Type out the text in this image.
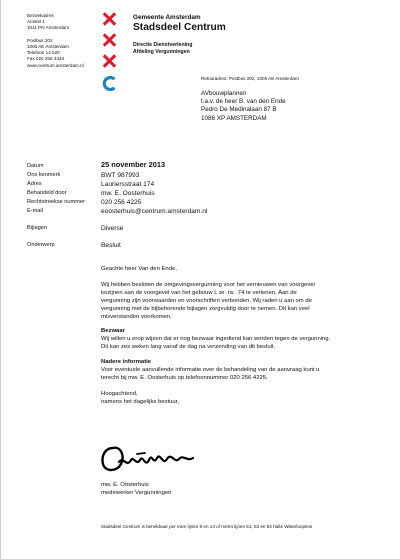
Bezoekadres
Amstel 1
1011 PN Amsterdam
Postbus 202
1000 AE Amsterdam
Telefoon 14 020
Fax 020 256 4433
www.centrum.amsterdam.nl
Gemeente Amsterdam
Stadsdeel Centrum
Directie Dienstverlening
Afdeling Vergunningen
Retouradres: Postbus 202, 1000 AE Amsterdam
AVbouwplannen
t.a.v. de heer B. van den Ende
Pedro De Medinalaan 87 B
1086 XP AMSTERDAM
Datum	25 november 2013
Ons kenmerk	BWT 987993
Adres	Lauriersstraat 174
Behandeld door	mw. E. Oosterhuis
Rechtstreekse nummer 020 256 4225
E-mail	eoosterhuis@centrum.amsterdam.nl
Bijlagen	Diverse
Onderwerp	Besluit
Geachte heer Van den Ende,
Wij hebben besloten de omgevingsvergunning voor het vernieuwen van voorgevel
kozijnen aan de voorgevel van het gebouw L ɪe .ra: .74 te verlenen. Aan de
vergunning zijn voorwaarden en voorschriften verbonden. Wij raden u aan om de
vergunning met de bijbehorende bijlagen zorgvuldig door te nemen. Dit kan veel
misverstanden voorkomen.
Bezwaar
Wij willen u erop wijzen dat er nog bezwaar ingediend kan worden tegen de vergunning.
Dit kan zes weken lang vanaf de dag na verzending van dit besluit.
Nadere informatie
Voor eventuele aanvullende informatie over de behandeling van de aanvraag kunt u
terecht bij mw. E. Oosterhuis op telefoonnummer 020 256 4225.
Hoogachtend,
namens het dagelijks bestuur,
mw. E. Oosterhuis
medewerker Vergunningen
Stadsdeel Centrum is bereikbaar per tram lijnen 9 en 14 of metro lijnen 51, 53 en 54 halte Waterlooplein
